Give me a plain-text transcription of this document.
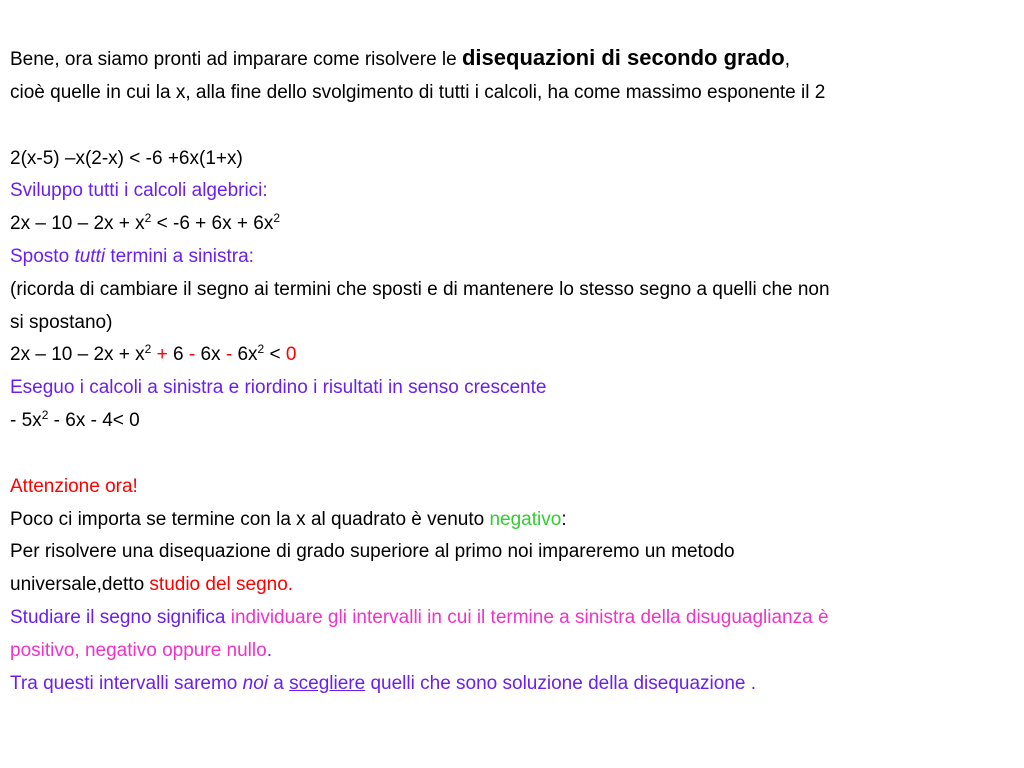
Bene, ora siamo pronti ad imparare come risolvere le disequazioni di secondo grado,
cioè quelle in cui la x, alla fine dello svolgimento di tutti i calcoli, ha come massimo esponente il 2
2(x-5) –x(2-x) < -6 +6x(1+x)
Sviluppo tutti i calcoli algebrici:
$2x - 10 - 2x + x^2 < -6 + 6x + 6x^2$
Sposto tutti termini a sinistra:
(ricorda di cambiare il segno ai termini che sposti e di mantenere lo stesso segno a quelli che non
si spostano)
$2x - 10 - 2x + x^2 + 6 - 6x - 6x^2 < 0$
Eseguo i calcoli a sinistra e riordino i risultati in senso crescente
- $5x^2 - 6x - 4< 0$
Attenzione ora!
Poco ci importa se termine con la x al quadrato è venuto negativo:
Per risolvere una disequazione di grado superiore al primo noi impareremo un metodo
universale,detto studio del segno.
Studiare il segno significa individuare gli intervalli in cui il termine a sinistra della disuguaglianza è
positivo, negativo oppure nullo.
Tra questi intervalli saremo noi a scegliere quelli che sono soluzione della disequazione .
